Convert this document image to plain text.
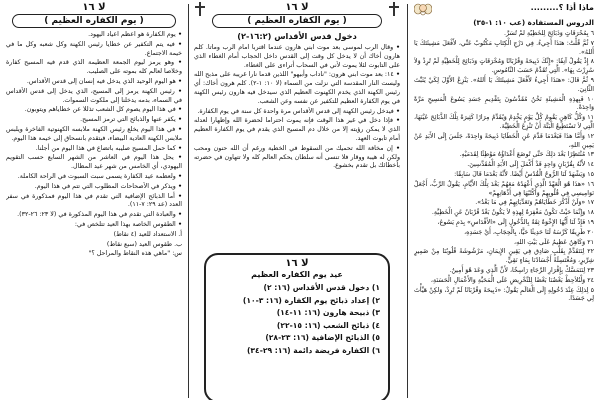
ماذا أذا ؟.........
الدروس المستفادة (عب ١٠: ١-٣٥)

٦ بِمُحْرَقَاتٍ وَذَبَائِحَ لِلْخَطِيَّةِ لَمْ تُسَرَّ.

٧ ثُمَّ قُلْتُ: هنَذَا أَجِيءُ. فِي دَرْجِ الْكِتَابِ مَكْتُوبٌ عَنِّي، لأَفْعَلَ مَشِيئَتَكَ يَا أَللهُ».

٨ إِذْ يَقُولُ آنِفًا: «إِنَّكَ ذَبِيحَةً وَقُرْبَانًا وَمُحْرَقَاتٍ وَذَبَائِحَ لِلْخَطِيَّةِ لَمْ تُرِدْ وَلاَ سُرِرْتَ بِهَا». الَّتِي تُقَدَّمُ حَسَبَ النَّامُوسِ.

٩ ثُمَّ قَالَ: «هنَذَا أَجِيءُ لأَفْعَلَ مَشِيئَتَكَ يَا أَللهُ». يَنْزِعُ الأَوَّلَ لِكَيْ يُثَبِّتَ الثَّانِيَ.

١٠ فَبِهذِهِ الْمَشِيئَةِ نَحْنُ مُقَدَّسُونَ بِتَقْدِيمِ جَسَدِ يَسُوعَ الْمَسِيحِ مَرَّةً وَاحِدَةً.

١١ وَكُلُّ كَاهِنٍ يَقُومُ كُلَّ يَوْمٍ يَخْدِمُ وَيُقَدِّمُ مِرَارًا كَثِيرَةً تِلْكَ الذَّبَائِحَ عَيْنَهَا، الَّتِي لاَ تَسْتَطِيعُ الْبَتَّةَ أَنْ تَنْزِعَ الْخَطِيَّةَ.

١٢ وَأَمَّا هذَا فَبَعْدَمَا قَدَّمَ عَنِ الْخَطَايَا ذَبِيحَةً وَاحِدَةً، جَلَسَ إِلَى الأَبَدِ عَنْ يَمِينِ اللهِ،

١٣ مُنْتَظِرًا بَعْدَ ذلِكَ حَتَّى تُوضَعَ أَعْدَاؤُهُ مَوْطِئًا لِقَدَمَيْهِ.

١٤ لأَنَّهُ بِقُرْبَانٍ وَاحِدٍ قَدْ أَكْمَلَ إِلَى الأَبَدِ الْمُقَدَّسِينَ.

١٥ وَيَشْهَدُ لَنَا الرُّوحُ الْقُدُسُ أَيْضًا. لأَنَّهُ بَعْدَمَا قَالَ سَابِقًا:

١٦ «هذَا هُوَ الْعَهْدُ الَّذِي أَعْهَدُهُ مَعَهُمْ بَعْدَ تِلْكَ الأَيَّامِ، يَقُولُ الرَّبُّ، أَجْعَلُ نَوَامِيسِي فِي قُلُوبِهِمْ وَأَكْتُبُهَا فِي أَذْهَانِهِمْ»

١٧ «وَلَنْ أَذْكُرَ خَطَايَاهُمْ وَتَعَدِّيَاتِهِمْ فِي مَا بَعْدُ».

١٨ وَإِنَّمَا حَيْثُ تَكُونُ مَغْفِرَةٌ لِهذِهِ لاَ يَكُونُ بَعْدُ قُرْبَانٌ عَنِ الْخَطِيَّةِ.

١٩ فَإِذْ لَنَا أَيُّهَا الإِخْوَةُ ثِقَةٌ بِالدُّخُولِ إِلَى «الأَقْدَاسِ» بِدَمِ يَسُوعَ،

٢٠ طَرِيقًا كَرَّسَهُ لَنَا حَدِيثًا حَيًّا، بِالْحِجَابِ، أَيْ جَسَدِهِ،

٢١ وَكَاهِنٌ عَظِيمٌ عَلَى بَيْتِ اللهِ،

٢٢ لِنَتَقَدَّمْ بِقَلْبٍ صَادِق فِي يَقِينِ الإِيمَانِ، مَرْشُوشَةً قُلُوبُنَا مِنْ ضَمِيرٍ شِرِّيرٍ، وَمُغْتَسِلَةً أَجْسَادُنَا بِمَاءٍ نَقِيٍّ.

٢٣ لِنَتَمَسَّكْ بِإِقْرَارِ الرَّجَاءِ رَاسِخًا، لأَنَّ الَّذِي وَعَدَ هُوَ أَمِينٌ.

٢٤ وَلْنُلاَحِظْ بَعْضُنَا بَعْضًا لِلتَّحْرِيضِ عَلَى الْمَحَبَّةِ وَالأَعْمَالِ الْحَسَنَةِ،

٥ لِذلِكَ عِنْدَ دُخُولِهِ إِلَى الْعَالَمِ يَقُولُ: «ذَبِيحَةً وَقُرْبَانًا لَمْ تُرِدْ، وَلكِنْ هَيَّأْتَ لِي جَسَدًا.

لا ١٦
( يوم الكفاره العظيم )
دخول قدس الأقداس (١٦:٢-٢)

• وقال الرب لموسى بعد موت ابني هارون عندما اقتربا أمام الرب وماتا. كلم هارون أخاك أن لا يدخل كل وقت إلى القدس داخل الحجاب أمام الغطاء الذي على التابوت لئلا يموت لأني في السحاب أتراءى على الغطاء.

• ١٤: بعد موت ابني هرون: "ناداب وأبيهو" اللذين قدما نارا غريبة على مذبح الله وليست النار المقدسة التي نزلت من السماء (لا ١٠: ١-٢). كلم هرون أخاك: أي رئيس الكهنة الذي يخدم الكهنوت العظيم الذي سيدخل فيه هارون رئيس الكهنة في يوم الكفارة العظيم للتكفير عن نفسه وعن الشعب.

• فيدخل رئيس الكهنة إلى قدس الأقداس مرة واحدة كل سنة في يوم الكفارة.

• فإذا دخل في غير هذا الوقت فإنه يموت احتراما لحضرة الله وإظهارا لعدله الذي لا يمكن رؤيته إلا من خلال دم المسيح الذي يقدم في يوم الكفارة العظيم أمام تابوت العهد.

• إن مخافة الله تحميك من السقوط في الخطية ورغم أن الله حنون ومحب ولكن له هيبة ووقار فلا تنسى أنه سلطان يحكم العالم كله ولا تتهاون في حضرته بأخطائك بل تقدم بخشوع.

لا ١٦
عيد يوم الكفاره العظيم
١) دخول قدس الأقداس (١٦: ٢)
٢) إعداد ذبائح يوم الكفارة (١٦: ٣-١٠)
٣) ذبيحة هارون (١٦: ١١-١٤)
٤) ذبائح الشعب (١٦: ١٥-٢٢)
٥) الذبائح الإضافية (١٦: ٢٣-٢٨)
٦) الكفارة فريضة دائمة (١٦: ٢٩-٣٤)
لا ١٦
( يوم الكفاره العظيم )

• يوم الكفارة هو أعظم أعياد اليهود.

• فيه يتم التكفير عن خطايا رئيس الكهنة وكل شعبه وكل ما في خيمة الاجتماع.

• وهو يرمز ليوم الجمعة العظيمة الذي قدم فيه المسيح كفارة وخلاصا لعالم كله بموته على الصليب.

• هو اليوم الوحيد الذي يدخل فيه إنسان إلى قدس الأقداس.

• رئيس الكهنة يرمز إلى المسيح، الذي يدخل إلى قدس الأقداس في السماء، بدمه يدخلنا إلى ملكوت السموات.

• في هذا اليوم يصوم كل الشعب تذللا عن خطاياهم ويتوبون.

• يكفر عنها والذبائح التي ترمز المسيح.

• في هذا اليوم يخلع رئيس الكهنة ملابسه الكهنوتية الفاخرة ويلبس ملابس الكهنة العادية البيضاء، فيتقدم بانسحاق إلى خيمة هذا اليوم.

• كما حمل المسيح صليبه باتضاع في هذا اليوم من أجلنا.

• يحل هذا اليوم في العاشر من الشهر السابع حسب التقويم اليهودي، أي الخامس من شهر عيد المظال.

• ولعظمة عيد الكفارة يسمى سبت السبوت في الراحة الكاملة.

• ويذكر في الأصحاحات المطلوب التي تتم في هذا اليوم.

• أما الذبائح الإضافية التي تقدم في هذا اليوم فمذكورة في سفر العدد (عد ٢٩: ٧-١١).

• والعبادة التي تقدم في هذا اليوم المذكورة في (لا ٢٣: ٢٦-٣٢).

• الطقوس الخاصة بهذا العيد تتلخص في:

أ. الاستعداد للعيد (٤ نقاط)

ب. طقوس العيد (سبع نقاط)

س: "ماهي هذه النقاط والمراحل ؟"
